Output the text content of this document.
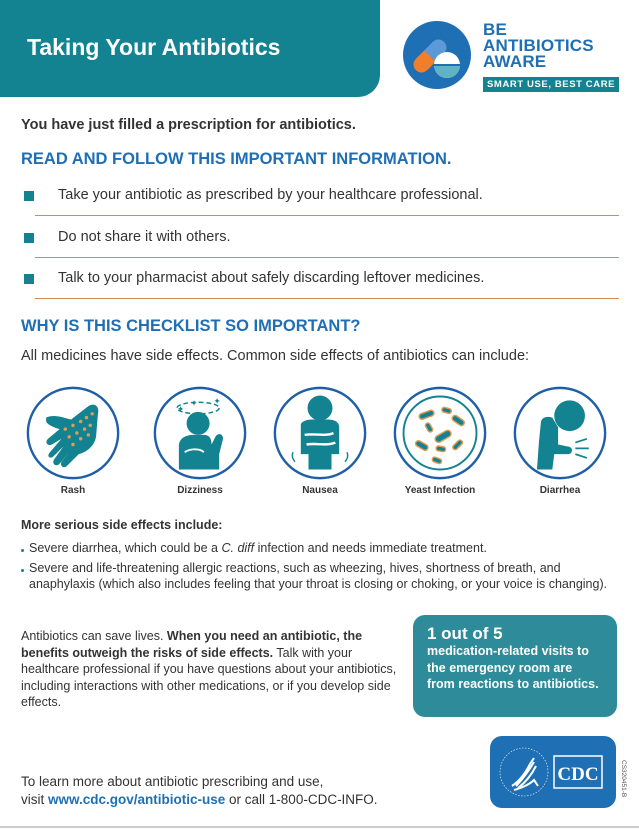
Taking Your Antibiotics
BE
ANTIBIOTICS
AWARE
SMART USE, BEST CARE
You have just filled a prescription for antibiotics.
READ AND FOLLOW THIS IMPORTANT INFORMATION.
Take your antibiotic as prescribed by your healthcare professional.
Do not share it with others.
Talk to your pharmacist about safely discarding leftover medicines.
WHY IS THIS CHECKLIST SO IMPORTANT?
All medicines have side effects. Common side effects of antibiotics can include:
Rash
✦
✦ ✦
Dizziness	Nausea	Yeast Infection	Diarrhea
More serious side effects include:
Severe diarrhea, which could be a C. diff infection and needs immediate treatment.
Severe and life-threatening allergic reactions, such as wheezing, hives, shortness of breath, and anaphylaxis (which also includes feeling that your throat is closing or choking, or your voice is changing).
Antibiotics can save lives. When you need an antibiotic, the benefits outweigh the risks of side effects. Talk with your healthcare professional if you have questions about your antibiotics, including interactions with other medications, or if you develop side effects.
1 out of 5
medication-related visits to the emergency room are from reactions to antibiotics.
To learn more about antibiotic prescribing and use,
visit www.cdc.gov/antibiotic-use or call 1-800-CDC-INFO.
CDC	CS320451-B
